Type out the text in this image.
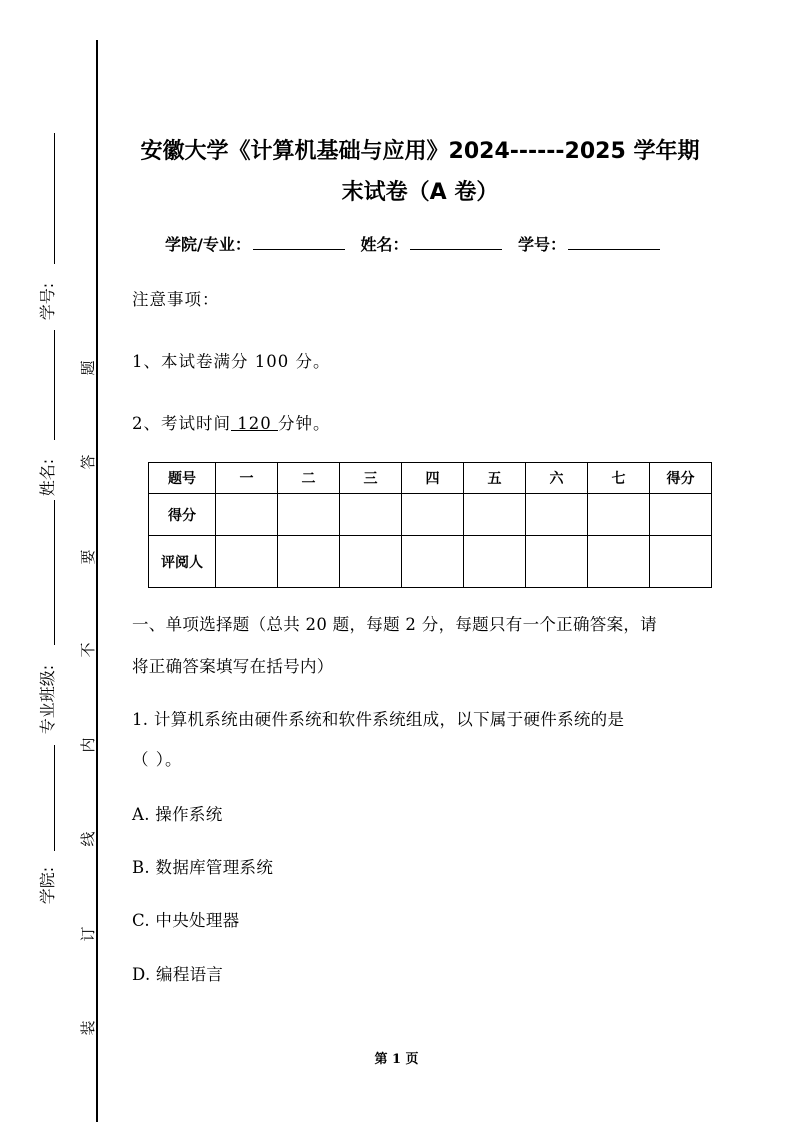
学号:
姓名:
专业班级:
学院:
题
答
要
不
内
线
订
装
安徽大学《计算机基础与应用》2024------2025 学年期
末试卷（A 卷）
学院/专业：	姓名：	学号：
注意事项：
1、本试卷满分 100 分。
2、考试时间 120 分钟。
题号	一	二	三	四	五	六	七	得分
得分								
评阅人								
一、单项选择题（总共 20 题，每题 2 分，每题只有一个正确答案，请
将正确答案填写在括号内）
1. 计算机系统由硬件系统和软件系统组成，以下属于硬件系统的是
（ ）。
A. 操作系统
B. 数据库管理系统
C. 中央处理器
D. 编程语言
第 1 页
